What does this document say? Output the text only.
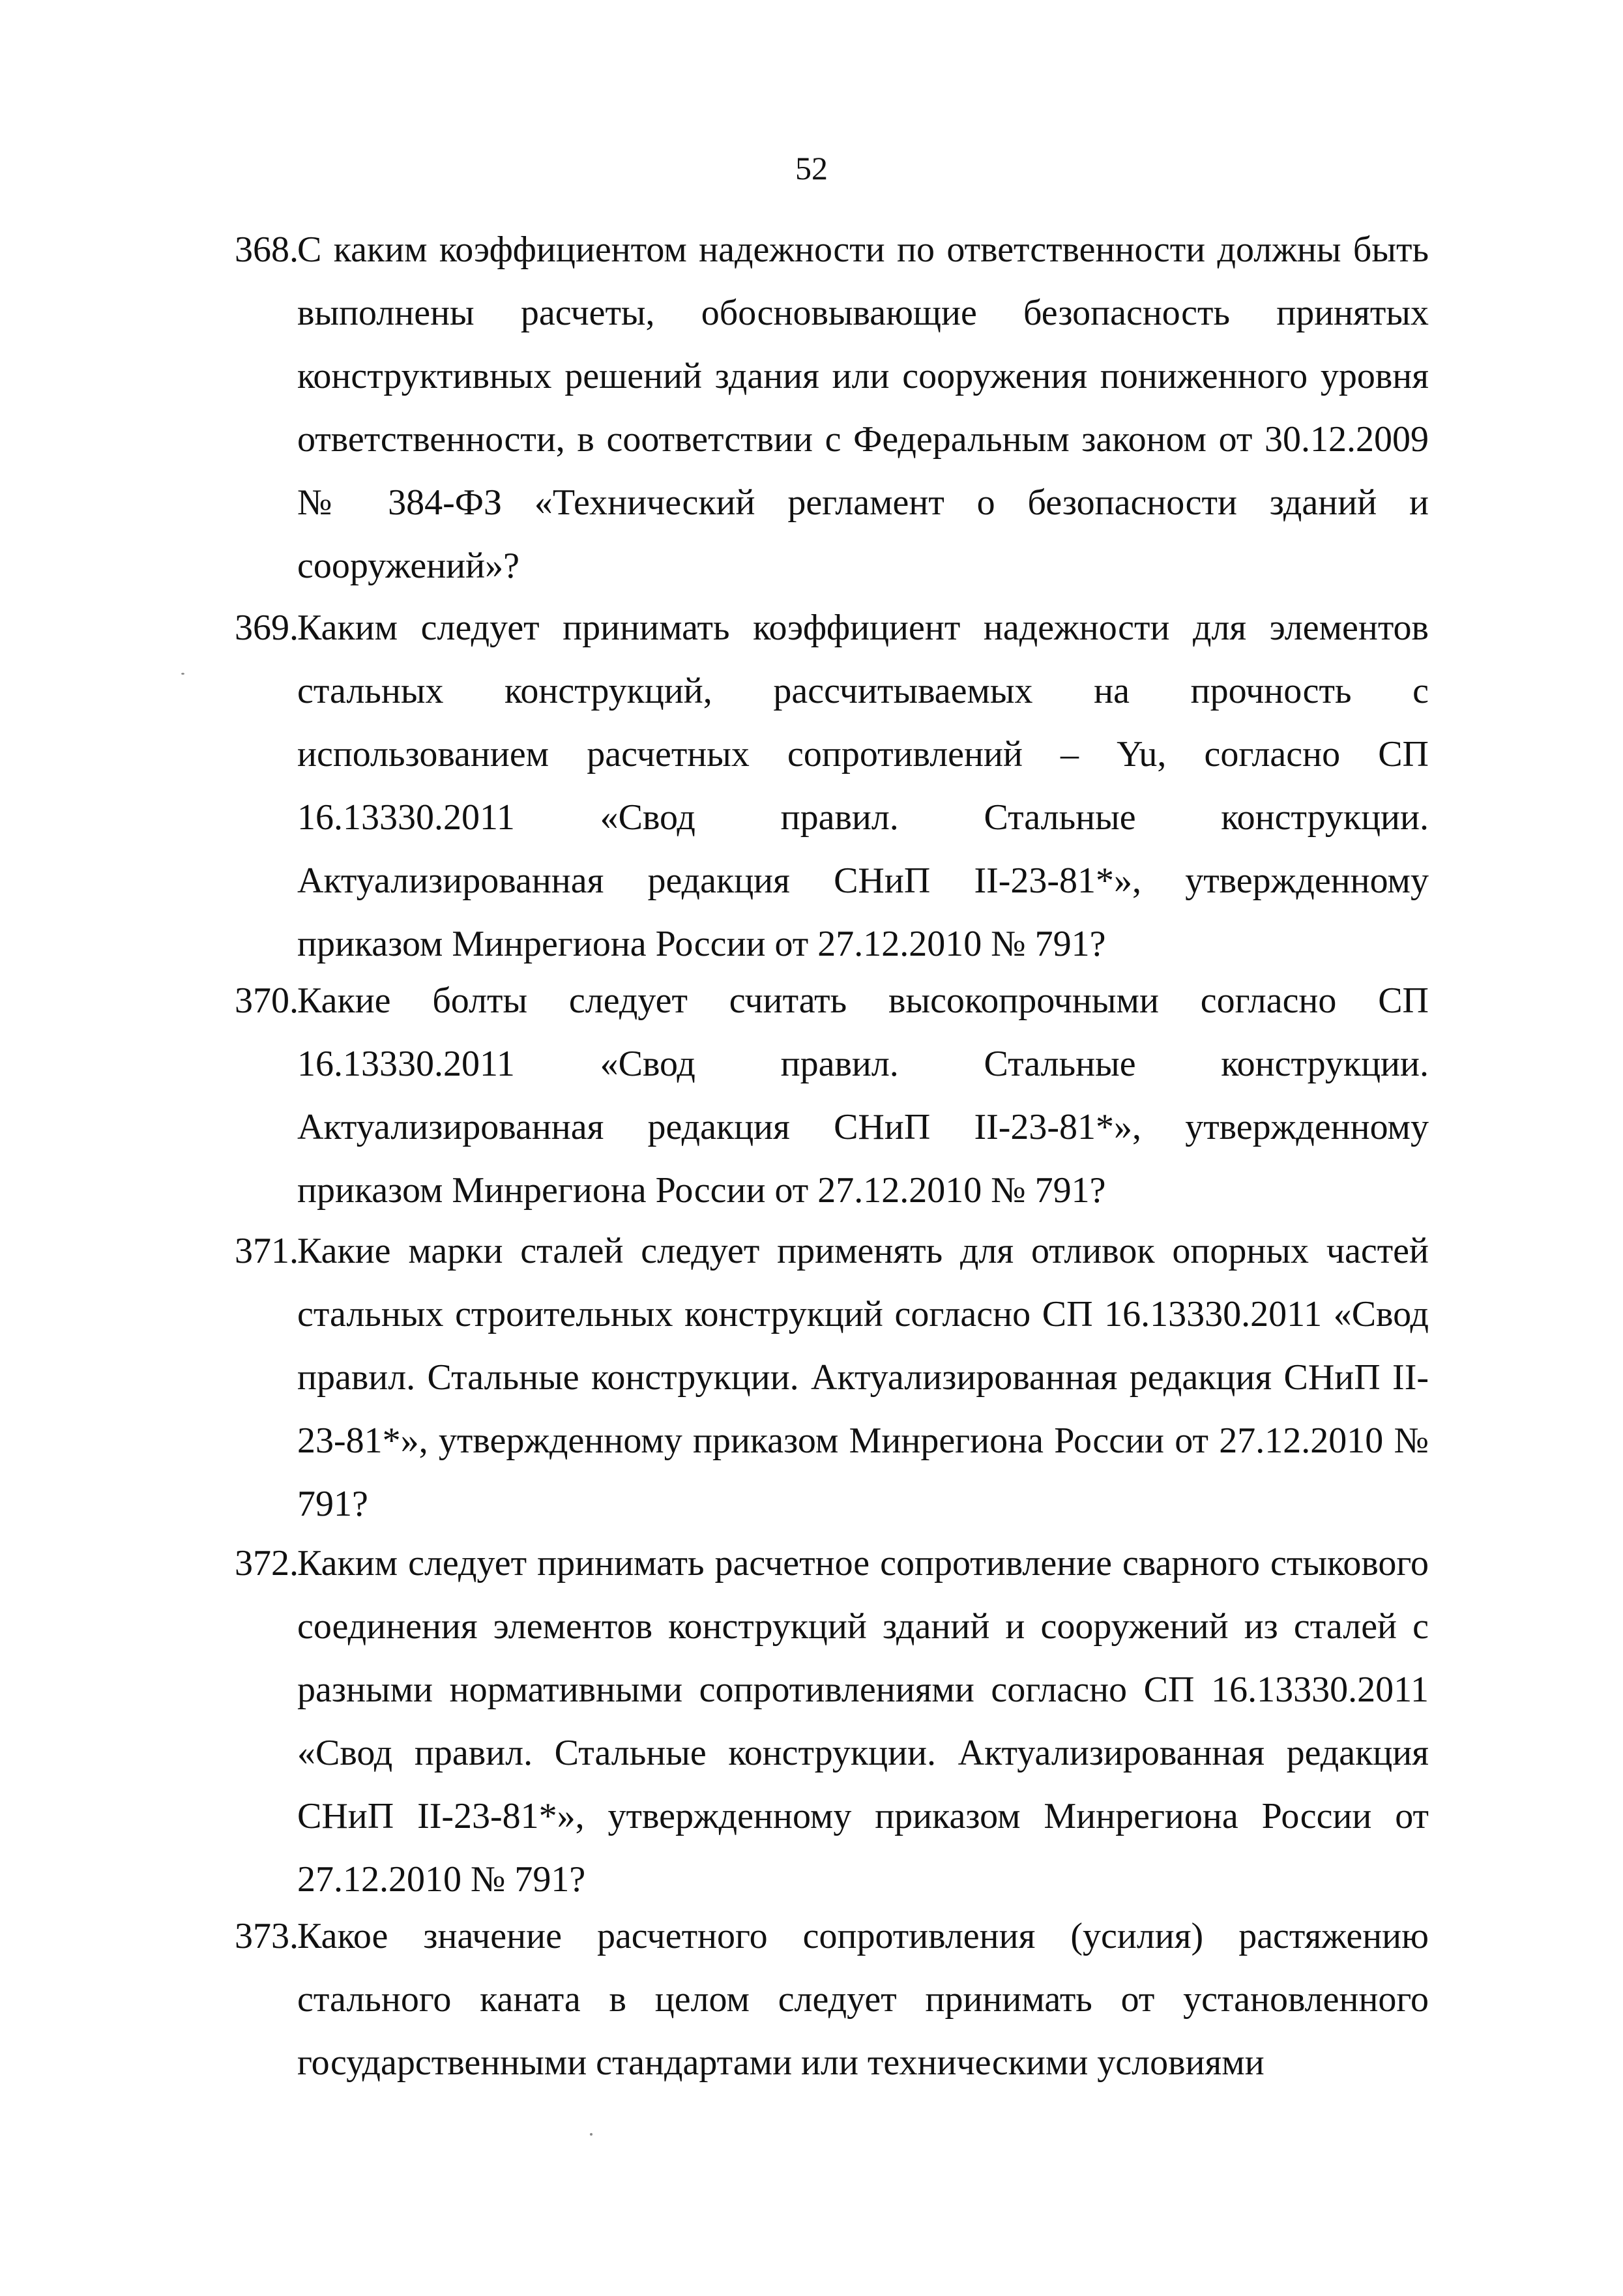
52
368.
С каким коэффициентом надежности по ответственности должны быть выполнены расчеты, обосновывающие безопасность принятых конструктивных решений здания или сооружения пониженного уровня ответственности, в соответствии с Федеральным законом от 30.12.2009 № 384-ФЗ «Технический регламент о безопасности зданий и сооружений»?
369.
Каким следует принимать коэффициент надежности для элементов стальных конструкций, рассчитываемых на прочность с использованием расчетных сопротивлений – Yu, согласно СП 16.13330.2011 «Свод правил. Стальные конструкции. Актуализированная редакция СНиП II-23-81*», утвержденному приказом Минрегиона России от 27.12.2010 № 791?
370.
Какие болты следует считать высокопрочными согласно СП 16.13330.2011 «Свод правил. Стальные конструкции. Актуализированная редакция СНиП II-23-81*», утвержденному приказом Минрегиона России от 27.12.2010 № 791?
371.
Какие марки сталей следует применять для отливок опорных частей стальных строительных конструкций согласно СП 16.13330.2011 «Свод правил. Стальные конструкции. Актуализированная редакция СНиП II-23-81*», утвержденному приказом Минрегиона России от 27.12.2010 № 791?
372.
Каким следует принимать расчетное сопротивление сварного стыкового соединения элементов конструкций зданий и сооружений из сталей с разными нормативными сопротивлениями согласно СП 16.13330.2011 «Свод правил. Стальные конструкции. Актуализированная редакция СНиП II-23-81*», утвержденному приказом Минрегиона России от 27.12.2010 № 791?
373.
Какое значение расчетного сопротивления (усилия) растяжению стального каната в целом следует принимать от установленного государственными стандартами или техническими условиями
